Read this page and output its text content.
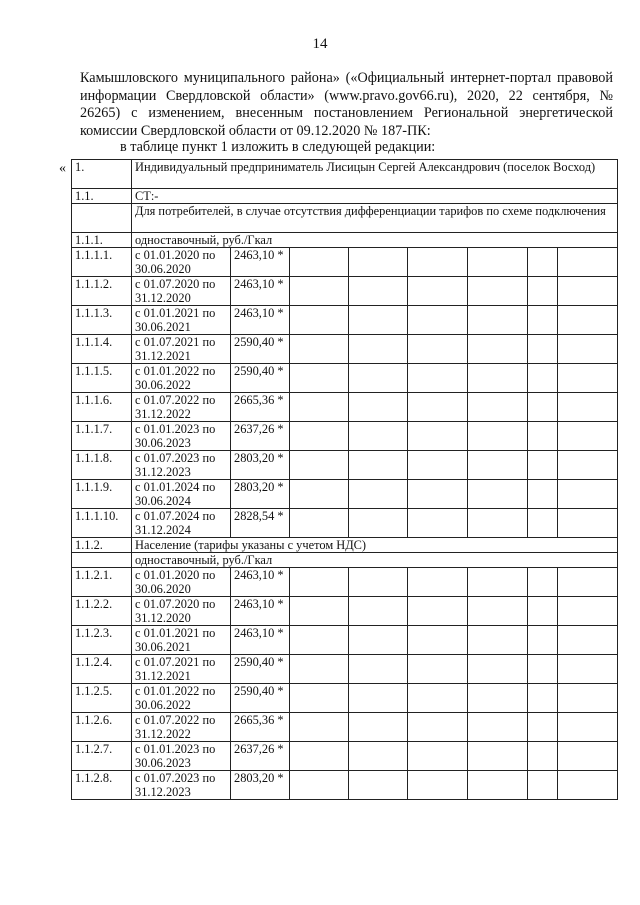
14

Камышловского муниципального района» («Официальный интернет-портал правовой информации Свердловской области» (www.pravo.gov66.ru), 2020, 22 сентября, № 26265) с изменением, внесенным постановлением Региональной энергетической комиссии Свердловской области от 09.12.2020 № 187-ПК:

в таблице пункт 1 изложить в следующей редакции:

« 1.	Индивидуальный предприниматель Лисицын Сергей Александрович (поселок Восход)							
1.1.	СТ:-							
	Для потребителей, в случае отсутствия дифференциации тарифов по схеме подключения							
1.1.1.	одноставочный, руб./Гкал							
1.1.1.1.	с 01.01.2020 по 30.06.2020	2463,10 *						
1.1.1.2.	с 01.07.2020 по 31.12.2020	2463,10 *						
1.1.1.3.	с 01.01.2021 по 30.06.2021	2463,10 *						
1.1.1.4.	с 01.07.2021 по 31.12.2021	2590,40 *						
1.1.1.5.	с 01.01.2022 по 30.06.2022	2590,40 *						
1.1.1.6.	с 01.07.2022 по 31.12.2022	2665,36 *						
1.1.1.7.	с 01.01.2023 по 30.06.2023	2637,26 *						
1.1.1.8.	с 01.07.2023 по 31.12.2023	2803,20 *						
1.1.1.9.	с 01.01.2024 по 30.06.2024	2803,20 *						
1.1.1.10.	с 01.07.2024 по 31.12.2024	2828,54 *						
1.1.2.	Население (тарифы указаны с учетом НДС)							
	одноставочный, руб./Гкал							
1.1.2.1.	с 01.01.2020 по 30.06.2020	2463,10 *						
1.1.2.2.	с 01.07.2020 по 31.12.2020	2463,10 *						
1.1.2.3.	с 01.01.2021 по 30.06.2021	2463,10 *						
1.1.2.4.	с 01.07.2021 по 31.12.2021	2590,40 *						
1.1.2.5.	с 01.01.2022 по 30.06.2022	2590,40 *						
1.1.2.6.	с 01.07.2022 по 31.12.2022	2665,36 *						
1.1.2.7.	с 01.01.2023 по 30.06.2023	2637,26 *						
1.1.2.8.	с 01.07.2023 по 31.12.2023	2803,20 *						
